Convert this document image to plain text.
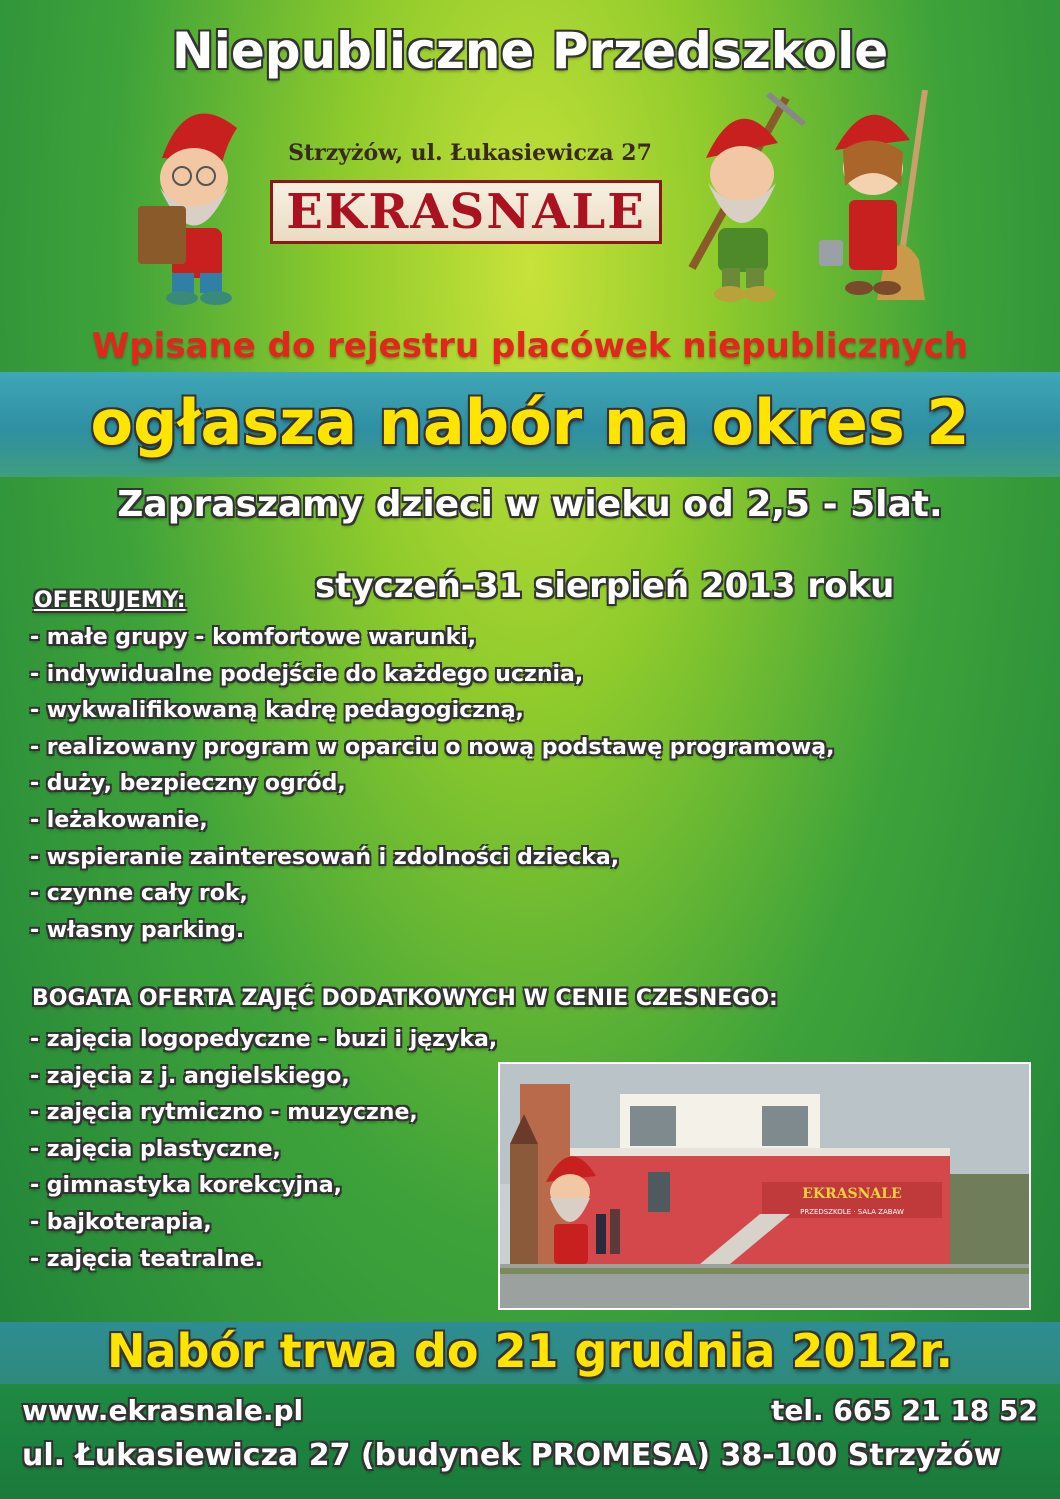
Niepubliczne Przedszkole
Strzyżów, ul. Łukasiewicza 27
EKRASNALE
Wpisane do rejestru placówek niepublicznych
ogłasza nabór na okres 2
Zapraszamy dzieci w wieku od 2,5 - 5lat.
styczeń-31 sierpień 2013 roku
OFERUJEMY:
- małe grupy - komfortowe warunki,
- indywidualne podejście do każdego ucznia,
- wykwalifikowaną kadrę pedagogiczną,
- realizowany program w oparciu o nową podstawę programową,
- duży, bezpieczny ogród,
- leżakowanie,
- wspieranie zainteresowań i zdolności dziecka,
- czynne cały rok,
- własny parking.
BOGATA OFERTA ZAJĘĆ DODATKOWYCH W CENIE CZESNEGO:
- zajęcia logopedyczne - buzi i języka,
- zajęcia z j. angielskiego,
- zajęcia rytmiczno - muzyczne,
- zajęcia plastyczne,
- gimnastyka korekcyjna,
- bajkoterapia,
- zajęcia teatralne.
EKRASNALE
PRZEDSZKOLE · SALA ZABAW
Nabór trwa do 21 grudnia 2012r.
www.ekrasnale.pl	tel. 665 21 18 52
ul. Łukasiewicza 27 (budynek PROMESA) 38-100 Strzyżów
